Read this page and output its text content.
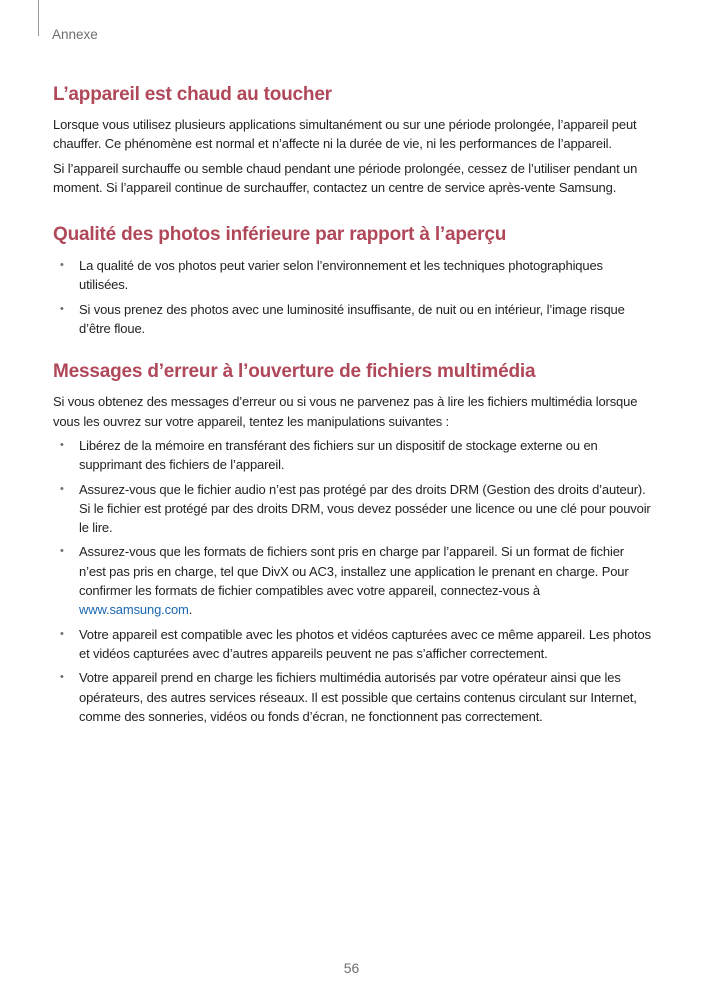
Annexe
L’appareil est chaud au toucher

Lorsque vous utilisez plusieurs applications simultanément ou sur une période prolongée, l’appareil peut chauffer. Ce phénomène est normal et n’affecte ni la durée de vie, ni les performances de l’appareil.

Si l’appareil surchauffe ou semble chaud pendant une période prolongée, cessez de l’utiliser pendant un moment. Si l’appareil continue de surchauffer, contactez un centre de service après-vente Samsung.

Qualité des photos inférieure par rapport à l’aperçu
• La qualité de vos photos peut varier selon l’environnement et les techniques photographiques utilisées.
• Si vous prenez des photos avec une luminosité insuffisante, de nuit ou en intérieur, l’image risque d’être floue.
Messages d’erreur à l’ouverture de fichiers multimédia

Si vous obtenez des messages d’erreur ou si vous ne parvenez pas à lire les fichiers multimédia lorsque vous les ouvrez sur votre appareil, tentez les manipulations suivantes :

• Libérez de la mémoire en transférant des fichiers sur un dispositif de stockage externe ou en supprimant des fichiers de l’appareil.
• Assurez-vous que le fichier audio n’est pas protégé par des droits DRM (Gestion des droits d’auteur). Si le fichier est protégé par des droits DRM, vous devez posséder une licence ou une clé pour pouvoir le lire.
• Assurez-vous que les formats de fichiers sont pris en charge par l’appareil. Si un format de fichier n’est pas pris en charge, tel que DivX ou AC3, installez une application le prenant en charge. Pour confirmer les formats de fichier compatibles avec votre appareil, connectez-vous à www.samsung.com.
• Votre appareil est compatible avec les photos et vidéos capturées avec ce même appareil. Les photos et vidéos capturées avec d’autres appareils peuvent ne pas s’afficher correctement.
• Votre appareil prend en charge les fichiers multimédia autorisés par votre opérateur ainsi que les opérateurs, des autres services réseaux. Il est possible que certains contenus circulant sur Internet, comme des sonneries, vidéos ou fonds d’écran, ne fonctionnent pas correctement.
56
